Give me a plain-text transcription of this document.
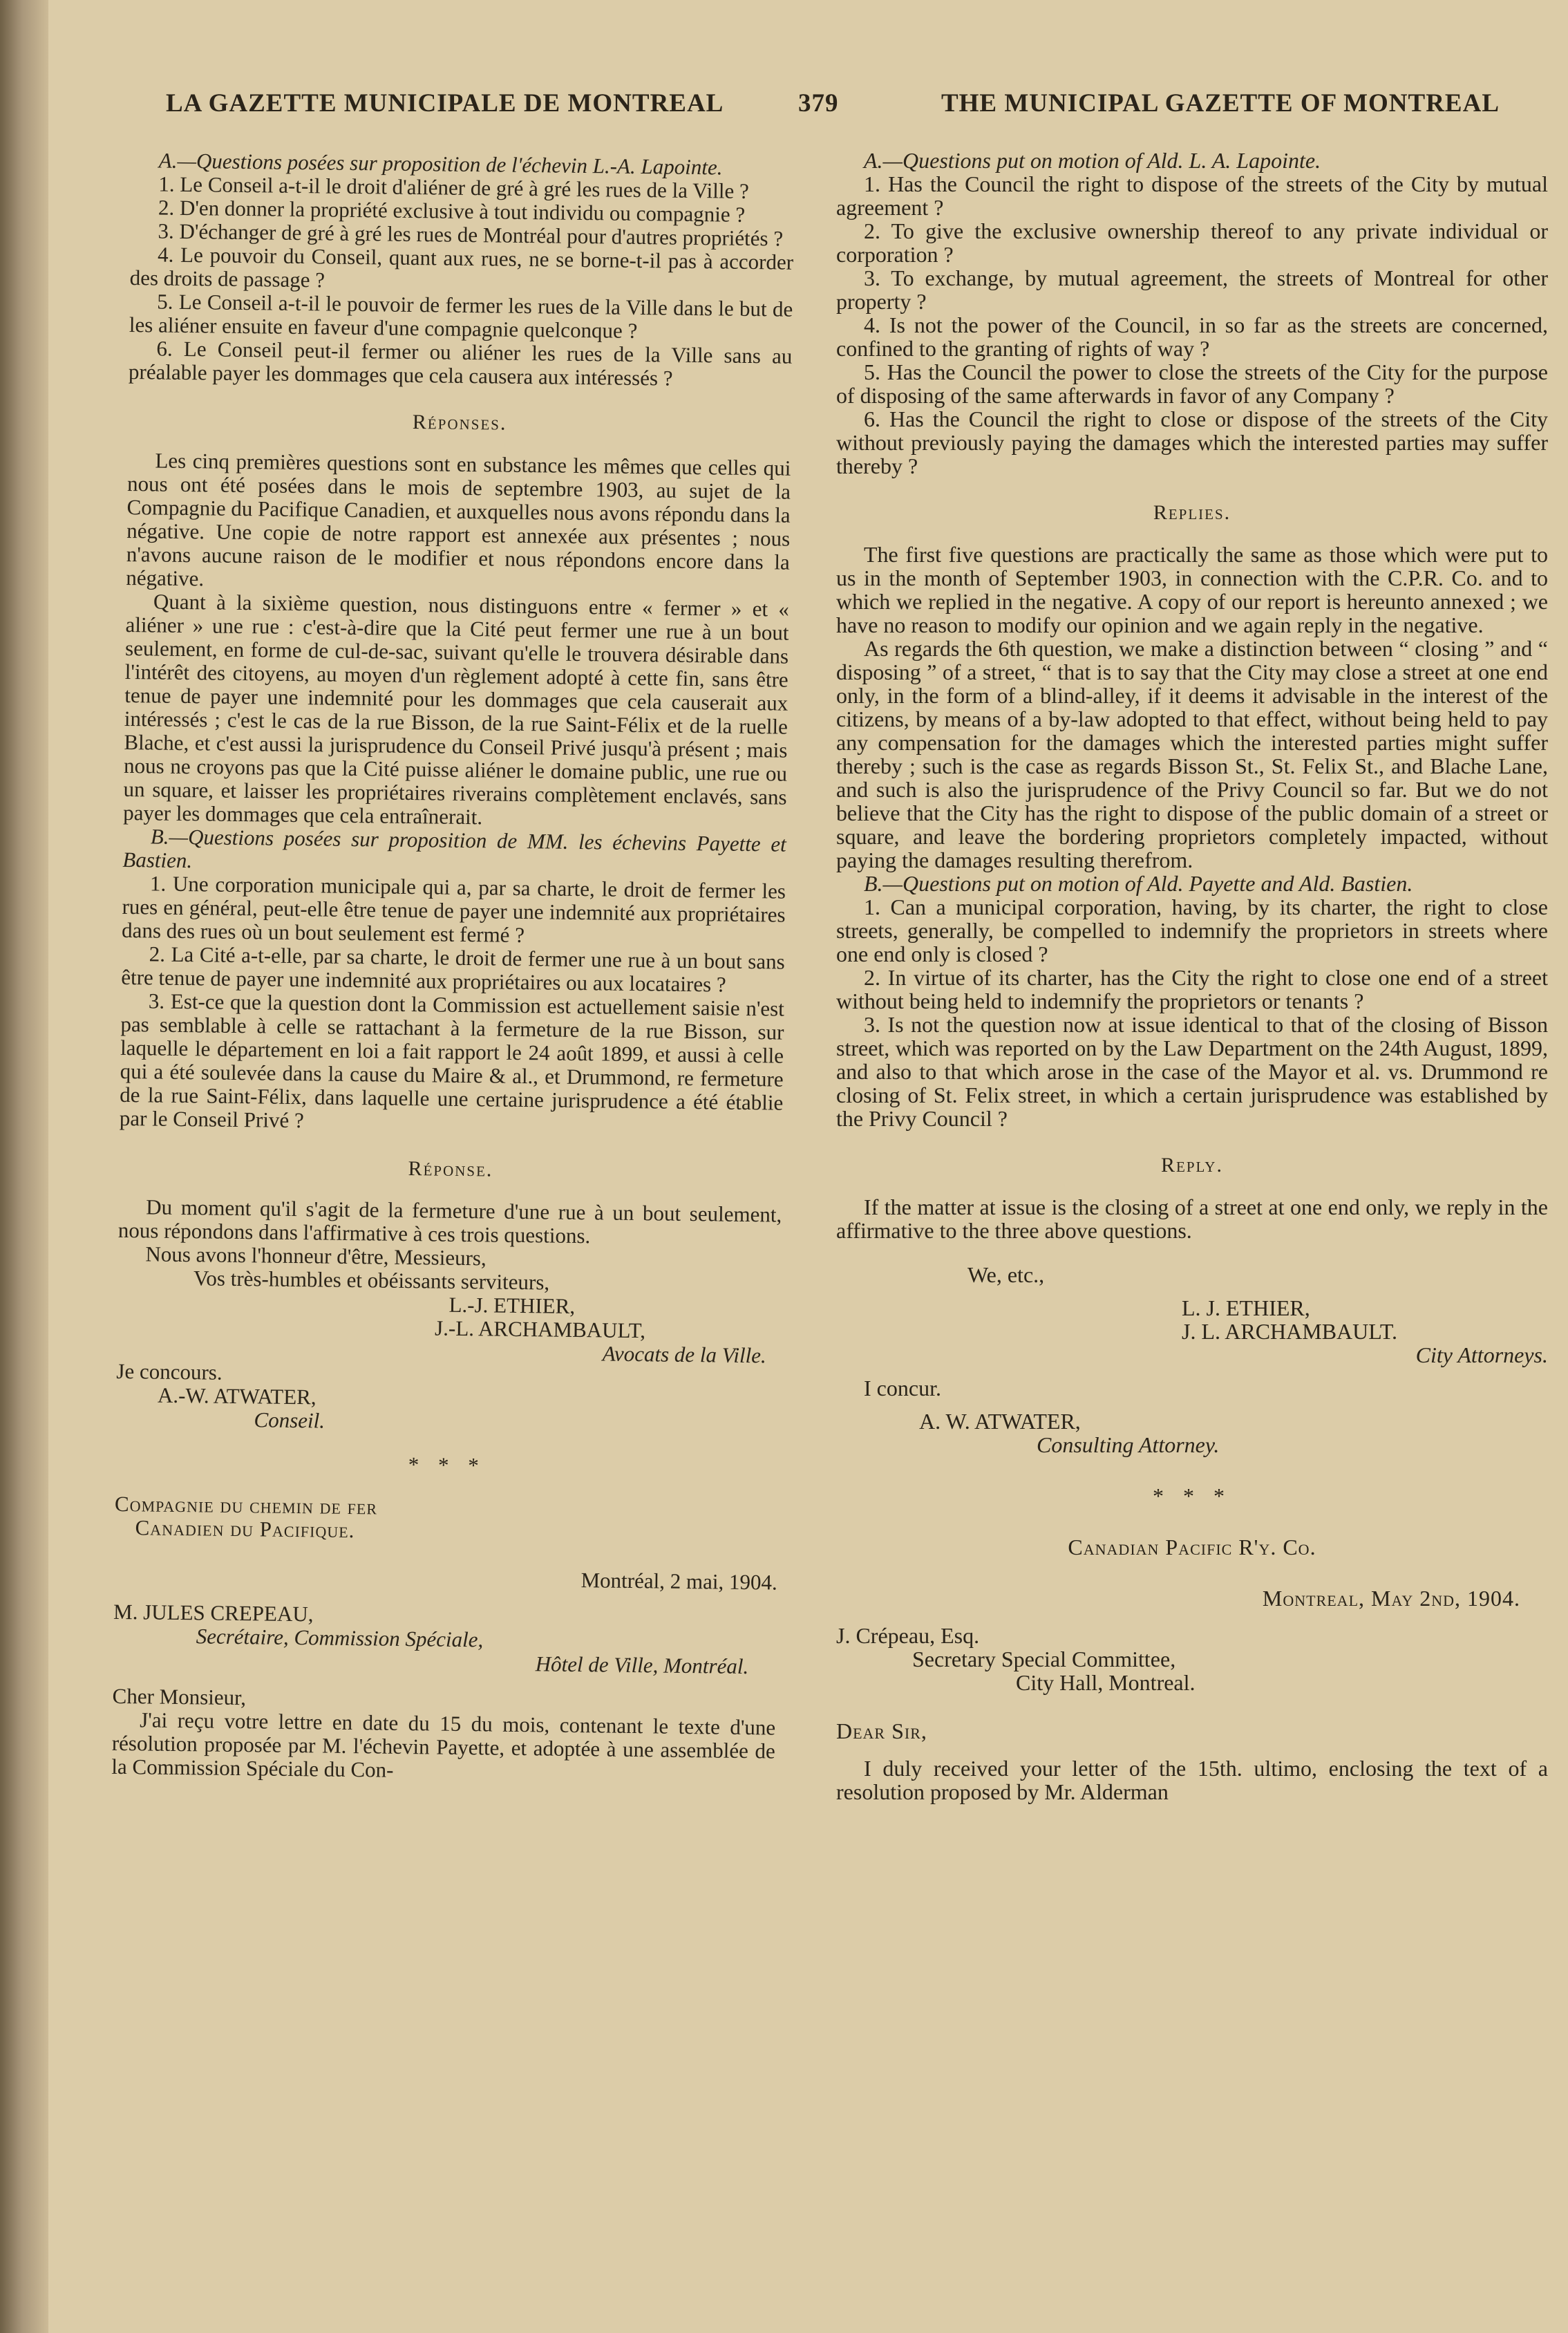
LA GAZETTE MUNICIPALE DE MONTREAL	379	THE MUNICIPAL GAZETTE OF MONTREAL

A.—Questions posées sur proposition de l'échevin L.-A. Lapointe.

1. Le Conseil a-t-il le droit d'aliéner de gré à gré les rues de la Ville ?

2. D'en donner la propriété exclusive à tout individu ou compagnie ?

3. D'échanger de gré à gré les rues de Montréal pour d'autres propriétés ?

4. Le pouvoir du Conseil, quant aux rues, ne se borne-t-il pas à accorder des droits de passage ?

5. Le Conseil a-t-il le pouvoir de fermer les rues de la Ville dans le but de les aliéner ensuite en faveur d'une compagnie quelconque ?

6. Le Conseil peut-il fermer ou aliéner les rues de la Ville sans au préalable payer les dommages que cela causera aux intéressés ?

Réponses.

Les cinq premières questions sont en substance les mêmes que celles qui nous ont été posées dans le mois de septembre 1903, au sujet de la Compagnie du Pacifique Canadien, et auxquelles nous avons répondu dans la négative. Une copie de notre rapport est annexée aux présentes ; nous n'avons aucune raison de le modifier et nous répondons encore dans la négative.

Quant à la sixième question, nous distinguons entre « fermer » et « aliéner » une rue : c'est-à-dire que la Cité peut fermer une rue à un bout seulement, en forme de cul-de-sac, suivant qu'elle le trouvera désirable dans l'intérêt des citoyens, au moyen d'un règlement adopté à cette fin, sans être tenue de payer une indemnité pour les dommages que cela causerait aux intéressés ; c'est le cas de la rue Bisson, de la rue Saint-Félix et de la ruelle Blache, et c'est aussi la jurisprudence du Conseil Privé jusqu'à présent ; mais nous ne croyons pas que la Cité puisse aliéner le domaine public, une rue ou un square, et laisser les propriétaires riverains complètement enclavés, sans payer les dommages que cela entraînerait.

B.—Questions posées sur proposition de MM. les échevins Payette et Bastien.

1. Une corporation municipale qui a, par sa charte, le droit de fermer les rues en général, peut-elle être tenue de payer une indemnité aux propriétaires dans des rues où un bout seulement est fermé ?

2. La Cité a-t-elle, par sa charte, le droit de fermer une rue à un bout sans être tenue de payer une indemnité aux propriétaires ou aux locataires ?

3. Est-ce que la question dont la Commission est actuellement saisie n'est pas semblable à celle se rattachant à la fermeture de la rue Bisson, sur laquelle le département en loi a fait rapport le 24 août 1899, et aussi à celle qui a été soulevée dans la cause du Maire & al., et Drummond, re fermeture de la rue Saint-Félix, dans laquelle une certaine jurisprudence a été établie par le Conseil Privé ?

Réponse.

Du moment qu'il s'agit de la fermeture d'une rue à un bout seulement, nous répondons dans l'affirmative à ces trois questions.

Nous avons l'honneur d'être, Messieurs,

Vos très-humbles et obéissants serviteurs,

L.-J. ETHIER,

J.-L. ARCHAMBAULT,

Avocats de la Ville.

Je concours.

A.-W. ATWATER,

Conseil.

* * *

Compagnie du chemin de fer

Canadien du Pacifique.

Montréal, 2 mai, 1904.

M. JULES CREPEAU,

Secrétaire, Commission Spéciale,

Hôtel de Ville, Montréal.

Cher Monsieur,

J'ai reçu votre lettre en date du 15 du mois, contenant le texte d'une résolution proposée par M. l'échevin Payette, et adoptée à une assemblée de la Commission Spéciale du Con-

A.—Questions put on motion of Ald. L. A. Lapointe.

1. Has the Council the right to dispose of the streets of the City by mutual agreement ?

2. To give the exclusive ownership thereof to any private individual or corporation ?

3. To exchange, by mutual agreement, the streets of Montreal for other property ?

4. Is not the power of the Council, in so far as the streets are concerned, confined to the granting of rights of way ?

5. Has the Council the power to close the streets of the City for the purpose of disposing of the same afterwards in favor of any Company ?

6. Has the Council the right to close or dispose of the streets of the City without previously paying the damages which the interested parties may suffer thereby ?

Replies.

The first five questions are practically the same as those which were put to us in the month of September 1903, in connection with the C.P.R. Co. and to which we replied in the negative. A copy of our report is hereunto annexed ; we have no reason to modify our opinion and we again reply in the negative.

As regards the 6th question, we make a distinction between “ closing ” and “ disposing ” of a street, “ that is to say that the City may close a street at one end only, in the form of a blind-alley, if it deems it advisable in the interest of the citizens, by means of a by-law adopted to that effect, without being held to pay any compensation for the damages which the interested parties might suffer thereby ; such is the case as regards Bisson St., St. Felix St., and Blache Lane, and such is also the jurisprudence of the Privy Council so far. But we do not believe that the City has the right to dispose of the public domain of a street or square, and leave the bordering proprietors completely impacted, without paying the damages resulting therefrom.

B.—Questions put on motion of Ald. Payette and Ald. Bastien.

1. Can a municipal corporation, having, by its charter, the right to close streets, generally, be compelled to indemnify the proprietors in streets where one end only is closed ?

2. In virtue of its charter, has the City the right to close one end of a street without being held to indemnify the proprietors or tenants ?

3. Is not the question now at issue identical to that of the closing of Bisson street, which was reported on by the Law Department on the 24th August, 1899, and also to that which arose in the case of the Mayor et al. vs. Drummond re closing of St. Felix street, in which a certain jurisprudence was established by the Privy Council ?

Reply.

If the matter at issue is the closing of a street at one end only, we reply in the affirmative to the three above questions.

We, etc.,

L. J. ETHIER,

J. L. ARCHAMBAULT.

City Attorneys.

I concur.

A. W. ATWATER,

Consulting Attorney.

* * *

Canadian Pacific R'y. Co.

Montreal, May 2nd, 1904.

J. Crépeau, Esq.

Secretary Special Committee,

City Hall, Montreal.

Dear Sir,

I duly received your letter of the 15th. ultimo, enclosing the text of a resolution proposed by Mr. Alderman
